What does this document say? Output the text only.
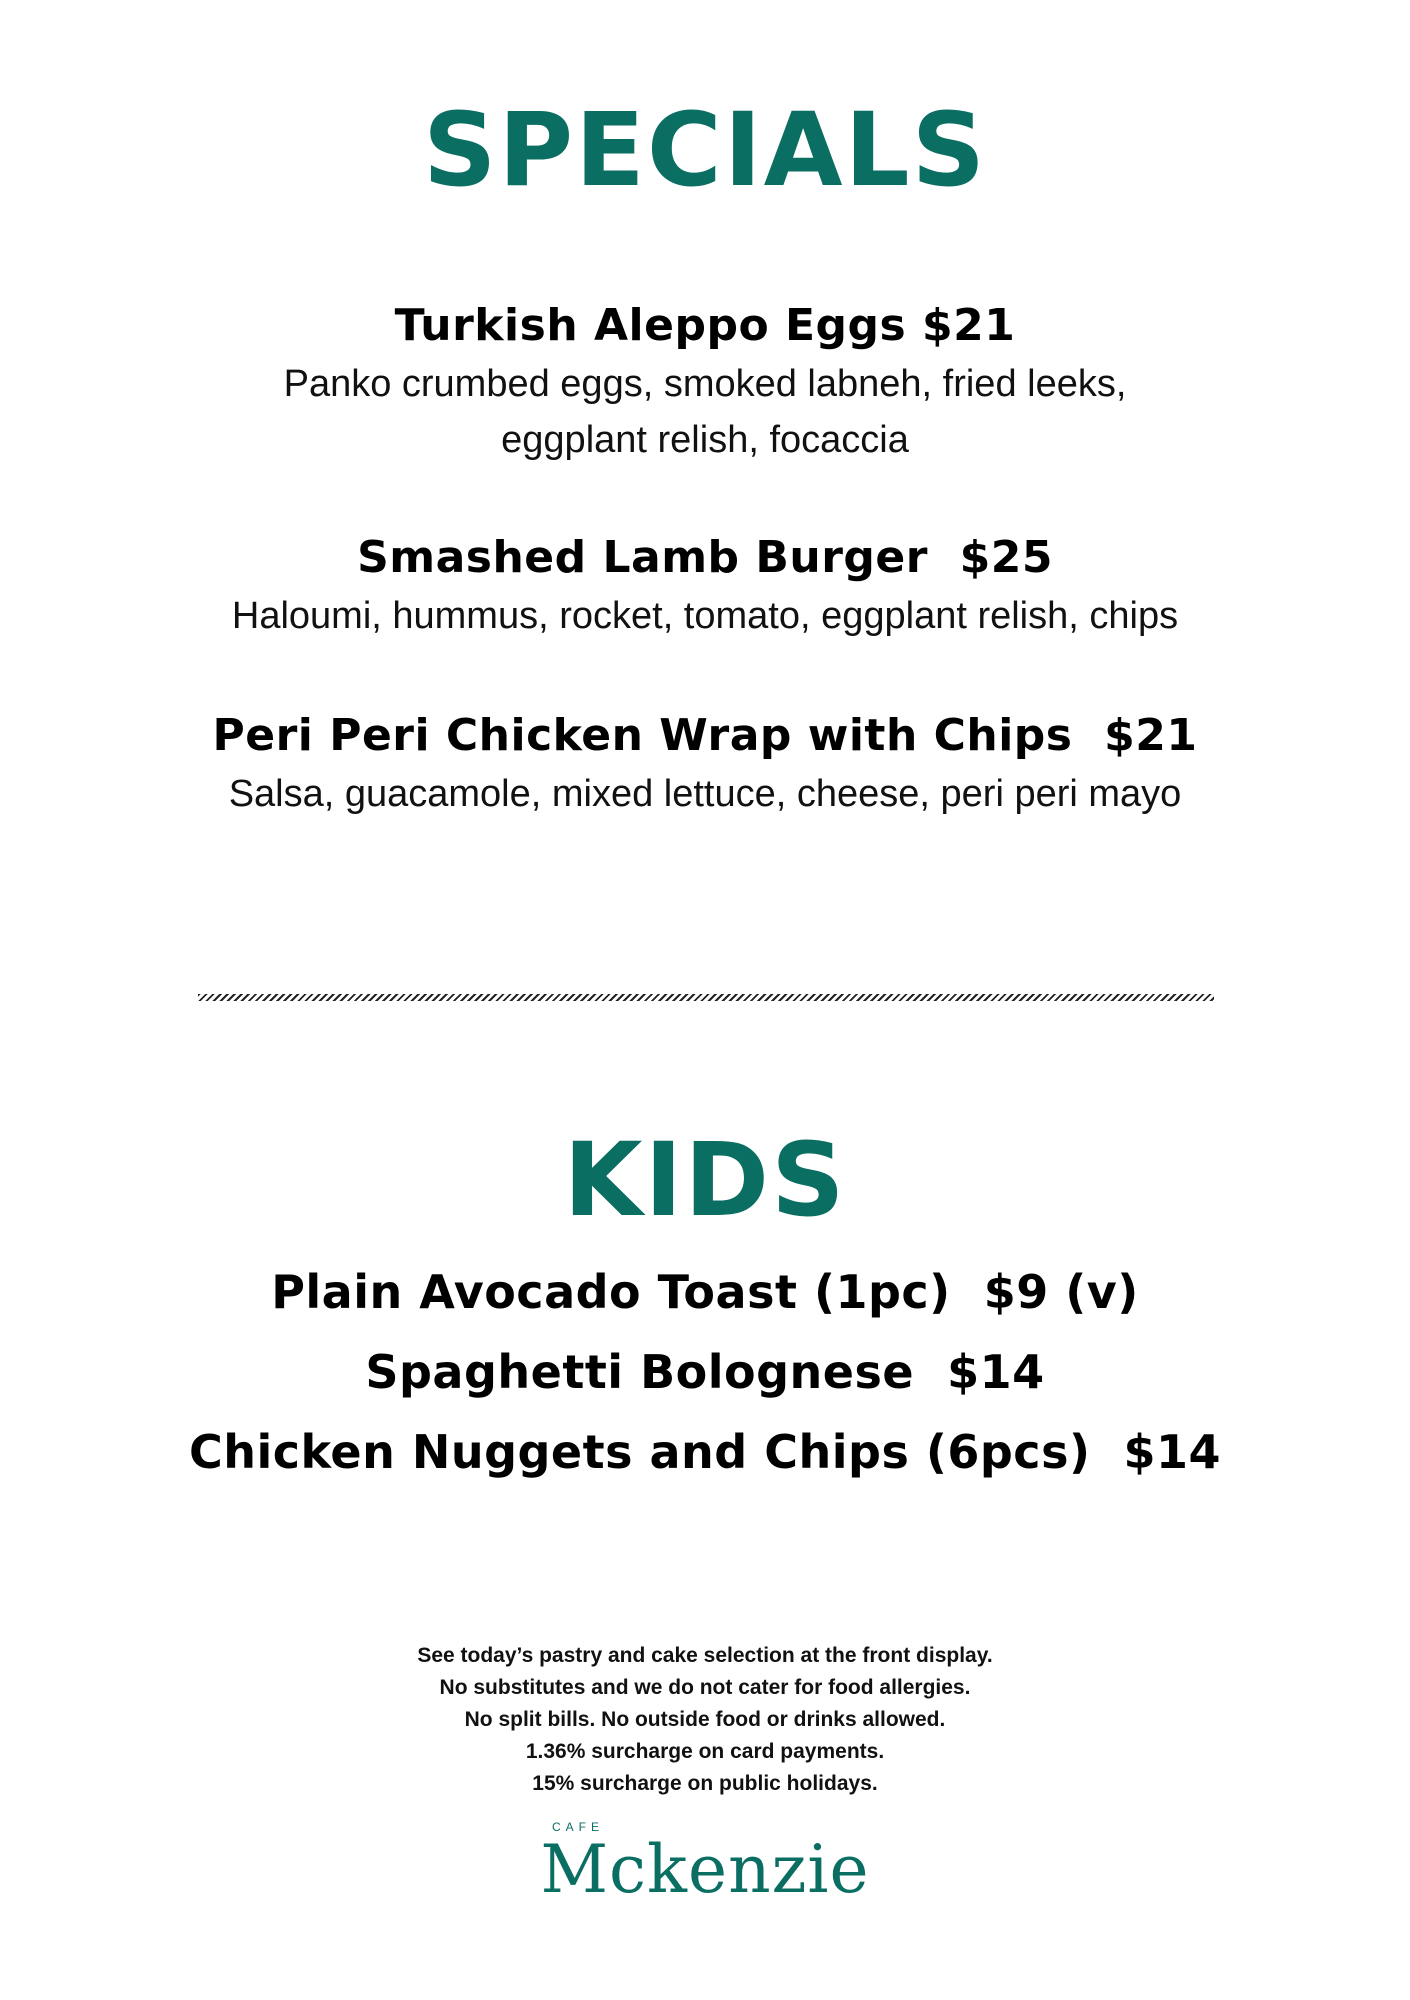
SPECIALS
Turkish Aleppo Eggs $21
Panko crumbed eggs, smoked labneh, fried leeks,
eggplant relish, focaccia
Smashed Lamb Burger  $25
Haloumi, hummus, rocket, tomato, eggplant relish, chips
Peri Peri Chicken Wrap with Chips  $21
Salsa, guacamole, mixed lettuce, cheese, peri peri mayo
KIDS
Plain Avocado Toast (1pc)  $9 (v)
Spaghetti Bolognese  $14
Chicken Nuggets and Chips (6pcs)  $14
See today’s pastry and cake selection at the front display.
No substitutes and we do not cater for food allergies.
No split bills. No outside food or drinks allowed.
1.36% surcharge on card payments.
15% surcharge on public holidays.
CAFE
Mckenzie
